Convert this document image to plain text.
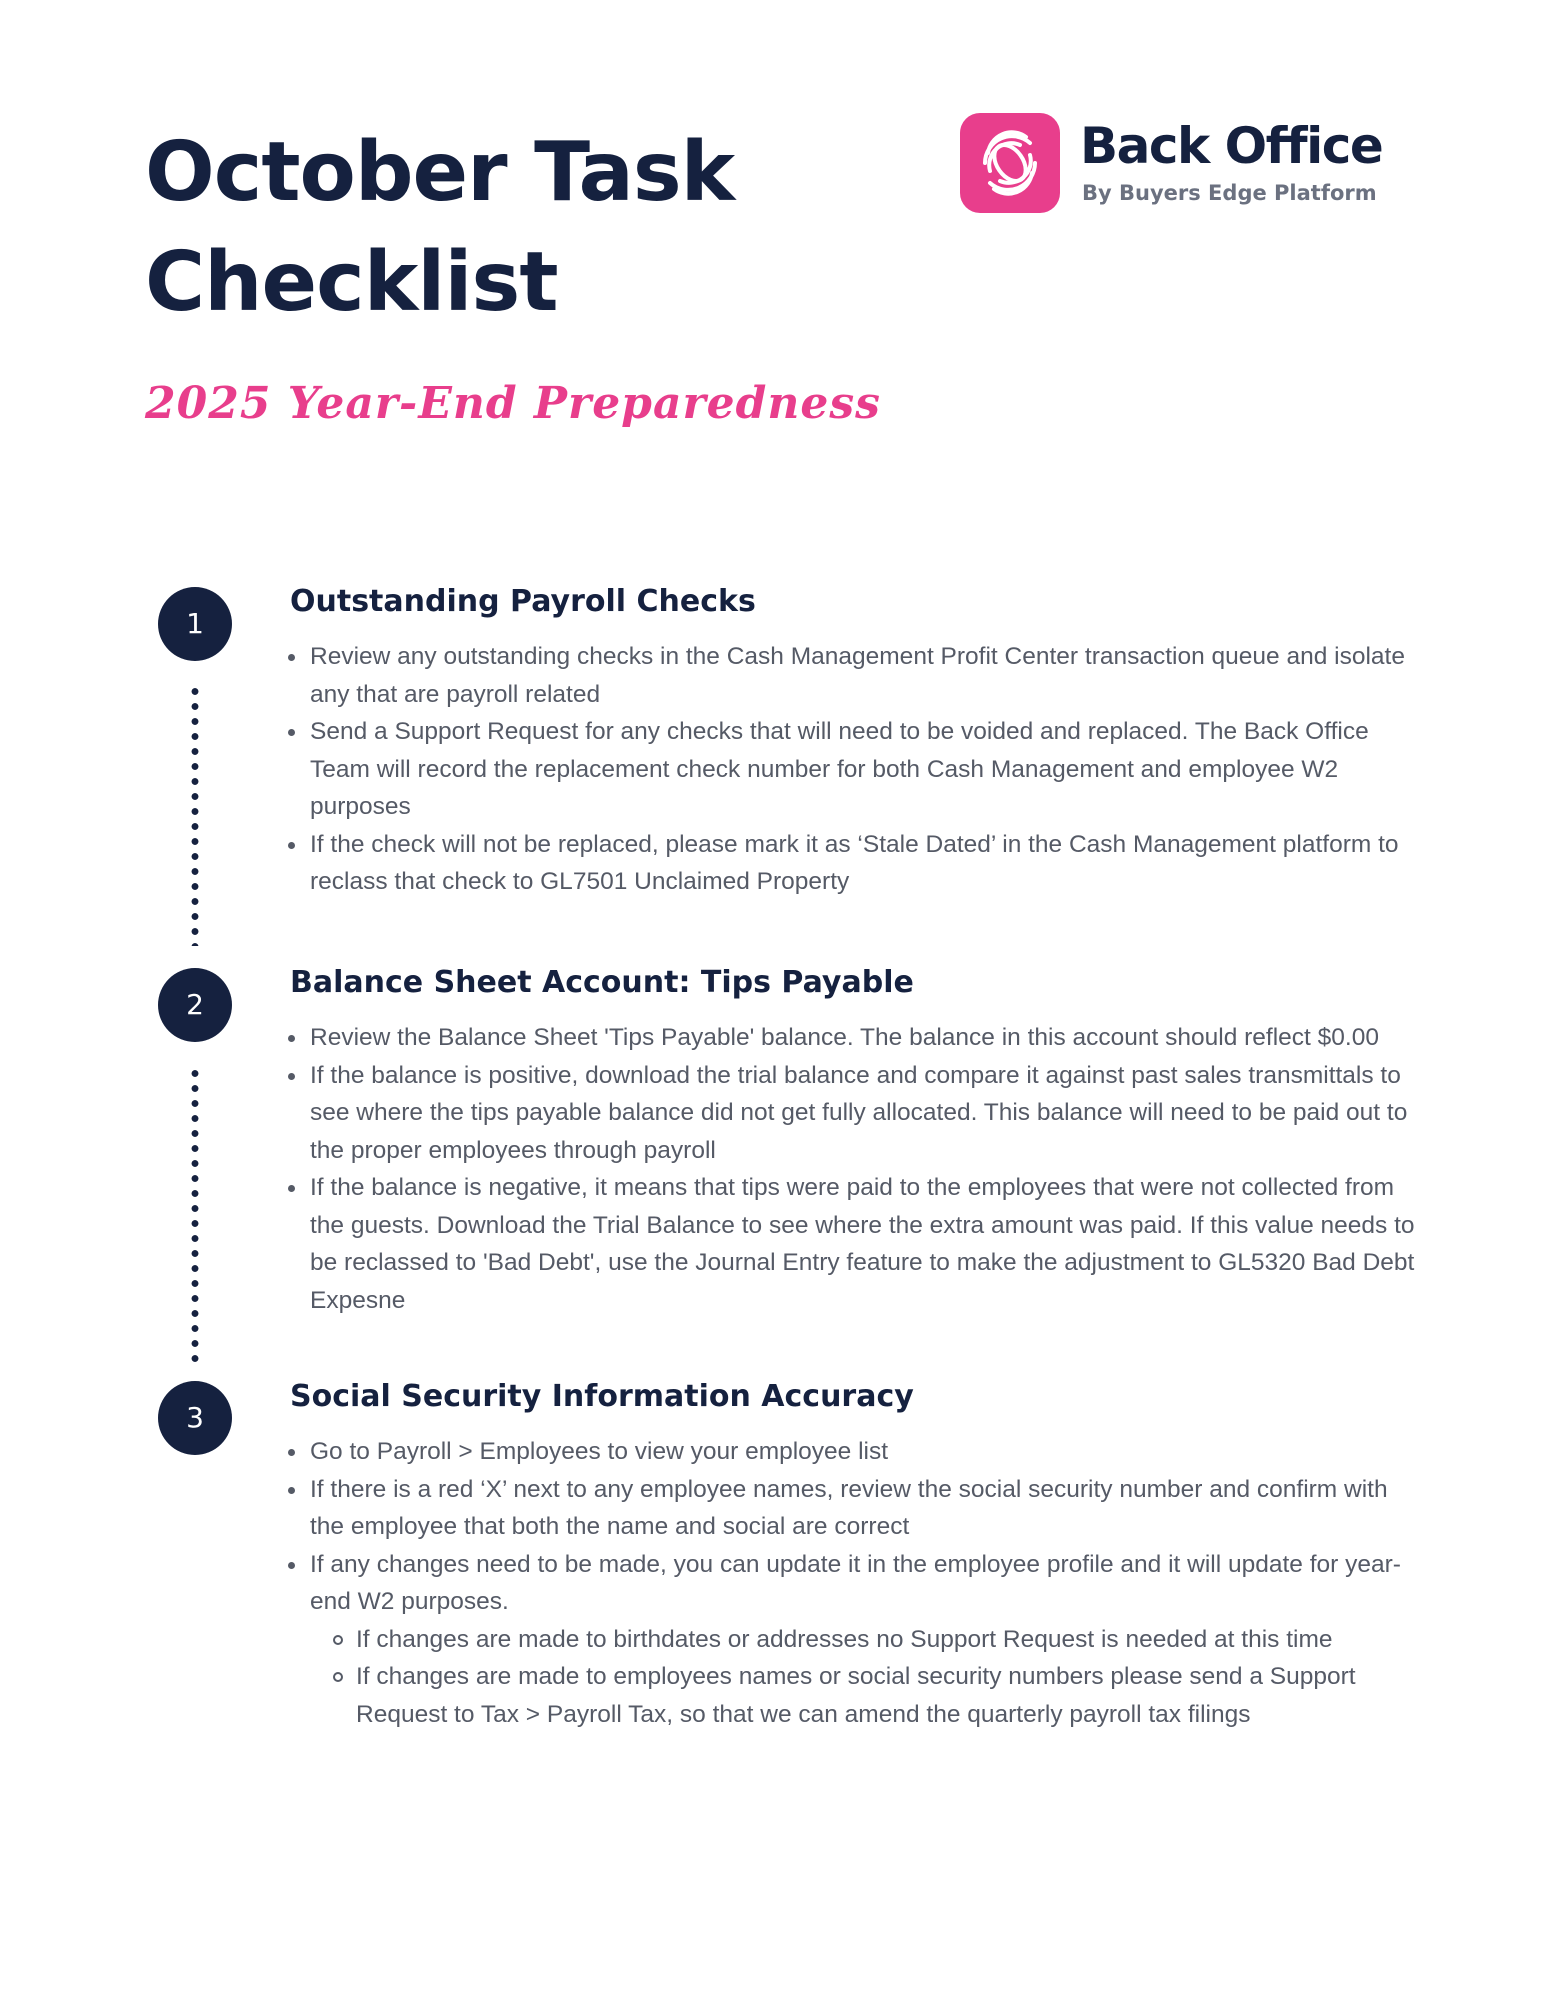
October Task
Checklist

2025 Year-End Preparedness

Back Office
By Buyers Edge Platform
1
Outstanding Payroll Checks
Review any outstanding checks in the Cash Management Profit Center transaction queue and isolate any that are payroll related
Send a Support Request for any checks that will need to be voided and replaced. The Back Office Team will record the replacement check number for both Cash Management and employee W2 purposes
If the check will not be replaced, please mark it as ‘Stale Dated’ in the Cash Management platform to reclass that check to GL7501 Unclaimed Property
2
Balance Sheet Account: Tips Payable
Review the Balance Sheet 'Tips Payable' balance. The balance in this account should reflect $0.00
If the balance is positive, download the trial balance and compare it against past sales transmittals to see where the tips payable balance did not get fully allocated. This balance will need to be paid out to the proper employees through payroll
If the balance is negative, it means that tips were paid to the employees that were not collected from the guests. Download the Trial Balance to see where the extra amount was paid. If this value needs to be reclassed to 'Bad Debt', use the Journal Entry feature to make the adjustment to GL5320 Bad Debt Expesne
3
Social Security Information Accuracy
Go to Payroll > Employees to view your employee list
If there is a red ‘X’ next to any employee names, review the social security number and confirm with the employee that both the name and social are correct
If any changes need to be made, you can update it in the employee profile and it will update for year-end W2 purposes.
If changes are made to birthdates or addresses no Support Request is needed at this time
If changes are made to employees names or social security numbers please send a Support Request to Tax > Payroll Tax, so that we can amend the quarterly payroll tax filings
